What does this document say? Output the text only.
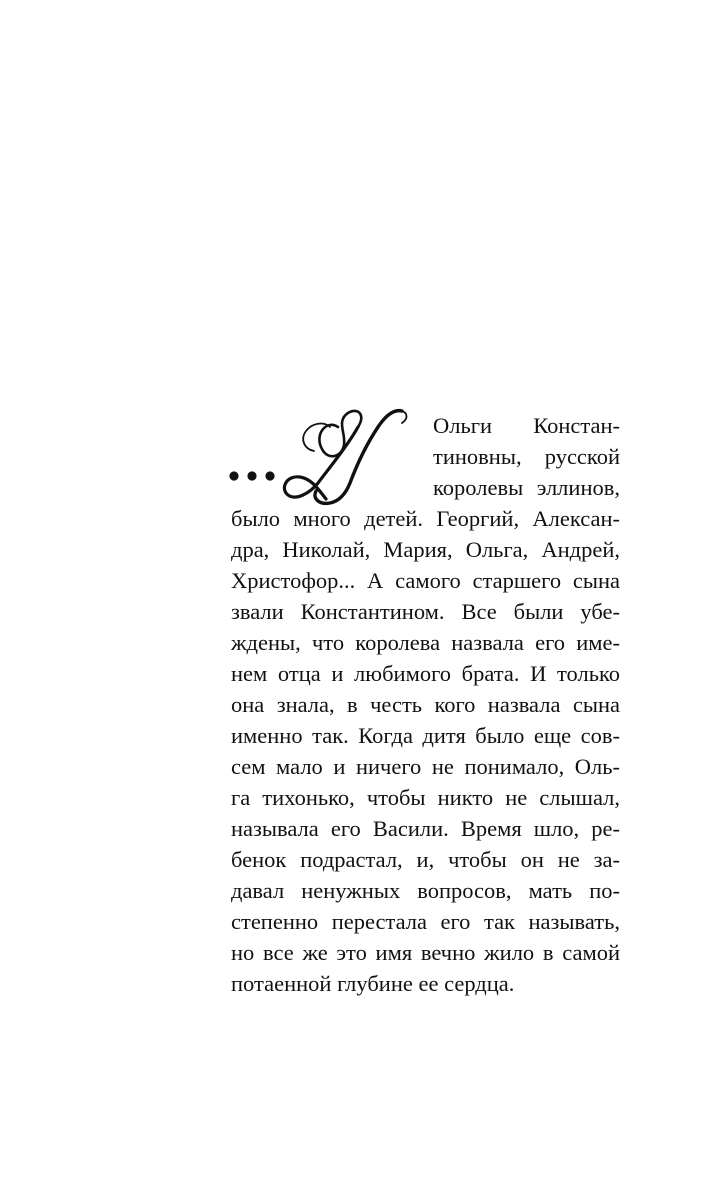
У
Ольги Констан-
тиновны, русской
королевы эллинов,
было много детей. Георгий, Алексан-
дра, Николай, Мария, Ольга, Андрей,
Христофор... А самого старшего сына
звали Константином. Все были убе-
ждены, что королева назвала его име-
нем отца и любимого брата. И только
она знала, в честь кого назвала сына
именно так. Когда дитя было еще сов-
сем мало и ничего не понимало, Оль-
га тихонько, чтобы никто не слышал,
называла его Васили. Время шло, ре-
бенок подрастал, и, чтобы он не за-
давал ненужных вопросов, мать по-
степенно перестала его так называть,
но все же это имя вечно жило в самой
потаенной глубине ее сердца.
